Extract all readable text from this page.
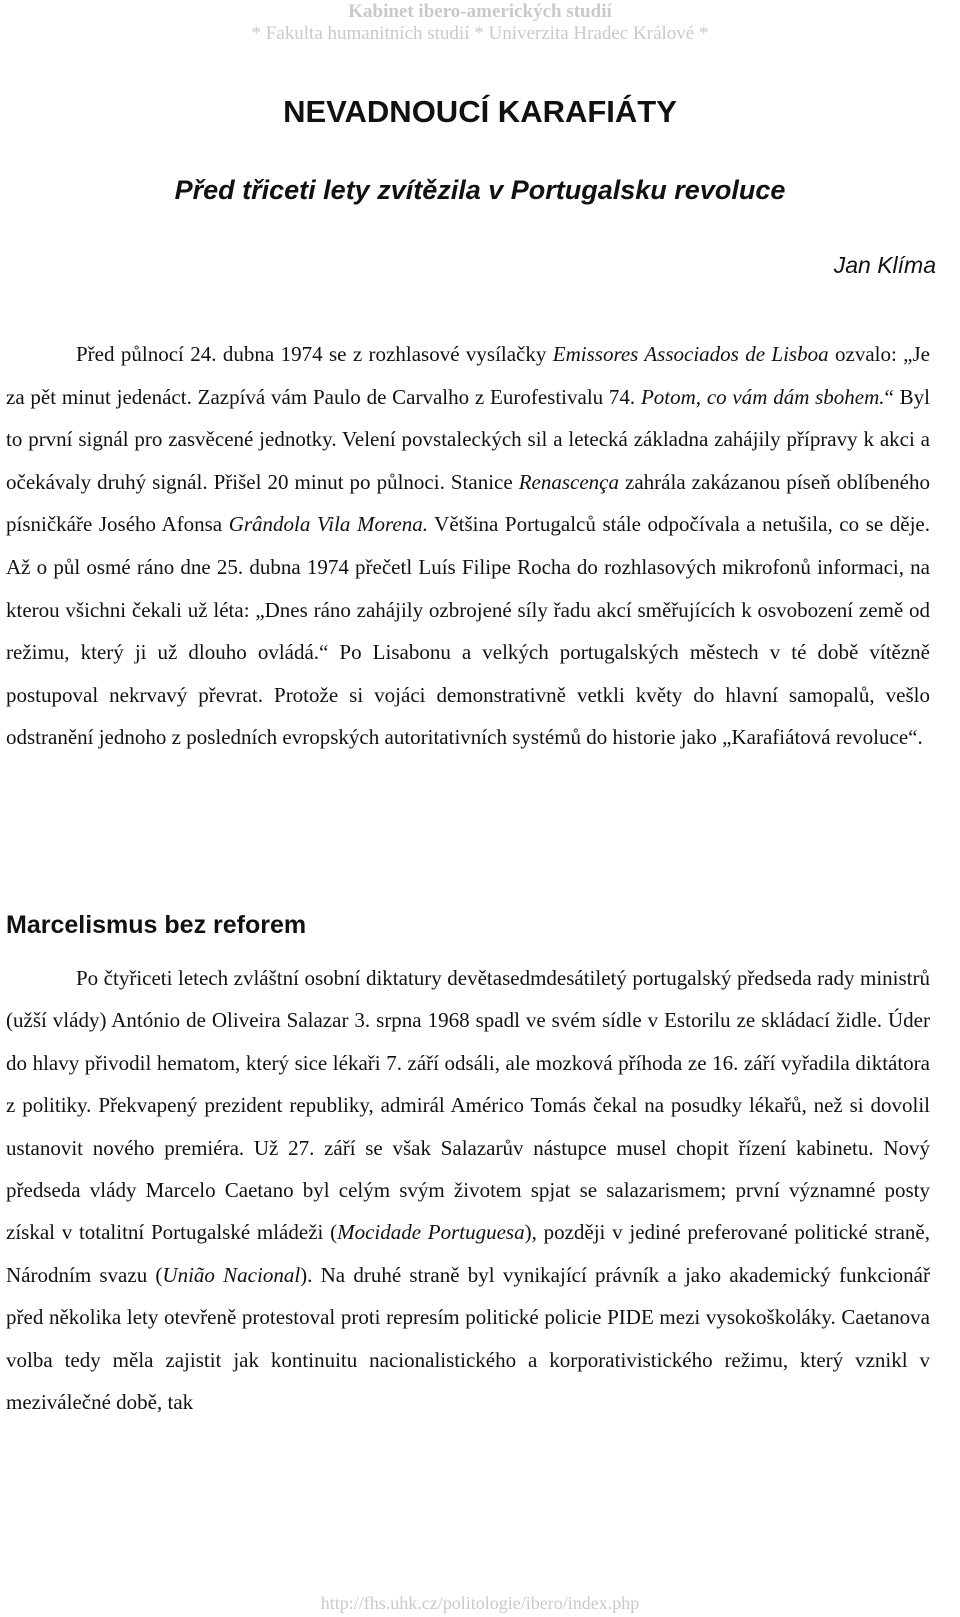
Kabinet ibero-amerických studií
* Fakulta humanitních studií * Univerzita Hradec Králové *
NEVADNOUCÍ KARAFIÁTY
Před třiceti lety zvítězila v Portugalsku revoluce
Jan Klíma
Před půlnocí 24. dubna 1974 se z rozhlasové vysílačky Emissores Associados de Lisboa ozvalo: „Je za pět minut jedenáct. Zazpívá vám Paulo de Carvalho z Eurofestivalu 74. Potom, co vám dám sbohem.“ Byl to první signál pro zasvěcené jednotky. Velení povstaleckých sil a letecká základna zahájily přípravy k akci a očekávaly druhý signál. Přišel 20 minut po půlnoci. Stanice Renascença zahrála zakázanou píseň oblíbeného písničkáře Josého Afonsa Grândola Vila Morena. Většina Portugalců stále odpočívala a netušila, co se děje. Až o půl osmé ráno dne 25. dubna 1974 přečetl Luís Filipe Rocha do rozhlasových mikrofonů informaci, na kterou všichni čekali už léta: „Dnes ráno zahájily ozbrojené síly řadu akcí směřujících k osvobození země od režimu, který ji už dlouho ovládá.“ Po Lisabonu a velkých portugalských městech v té době vítězně postupoval nekrvavý převrat. Protože si vojáci demonstrativně vetkli květy do hlavní samopalů, vešlo odstranění jednoho z posledních evropských autoritativních systémů do historie jako „Karafiátová revoluce“.
Marcelismus bez reforem
Po čtyřiceti letech zvláštní osobní diktatury devětasedmdesátiletý portugalský předseda rady ministrů (užší vlády) António de Oliveira Salazar 3. srpna 1968 spadl ve svém sídle v Estorilu ze skládací židle. Úder do hlavy přivodil hematom, který sice lékaři 7. září odsáli, ale mozková příhoda ze 16. září vyřadila diktátora z politiky. Překvapený prezident republiky, admirál Américo Tomás čekal na posudky lékařů, než si dovolil ustanovit nového premiéra. Už 27. září se však Salazarův nástupce musel chopit řízení kabinetu. Nový předseda vlády Marcelo Caetano byl celým svým životem spjat se salazarismem; první významné posty získal v totalitní Portugalské mládeži (Mocidade Portuguesa), později v jediné preferované politické straně, Národním svazu (União Nacional). Na druhé straně byl vynikající právník a jako akademický funkcionář před několika lety otevřeně protestoval proti represím politické policie PIDE mezi vysokoškoláky. Caetanova volba tedy měla zajistit jak kontinuitu nacionalistického a korporativistického režimu, který vznikl v meziválečné době, tak
http://fhs.uhk.cz/politologie/ibero/index.php
